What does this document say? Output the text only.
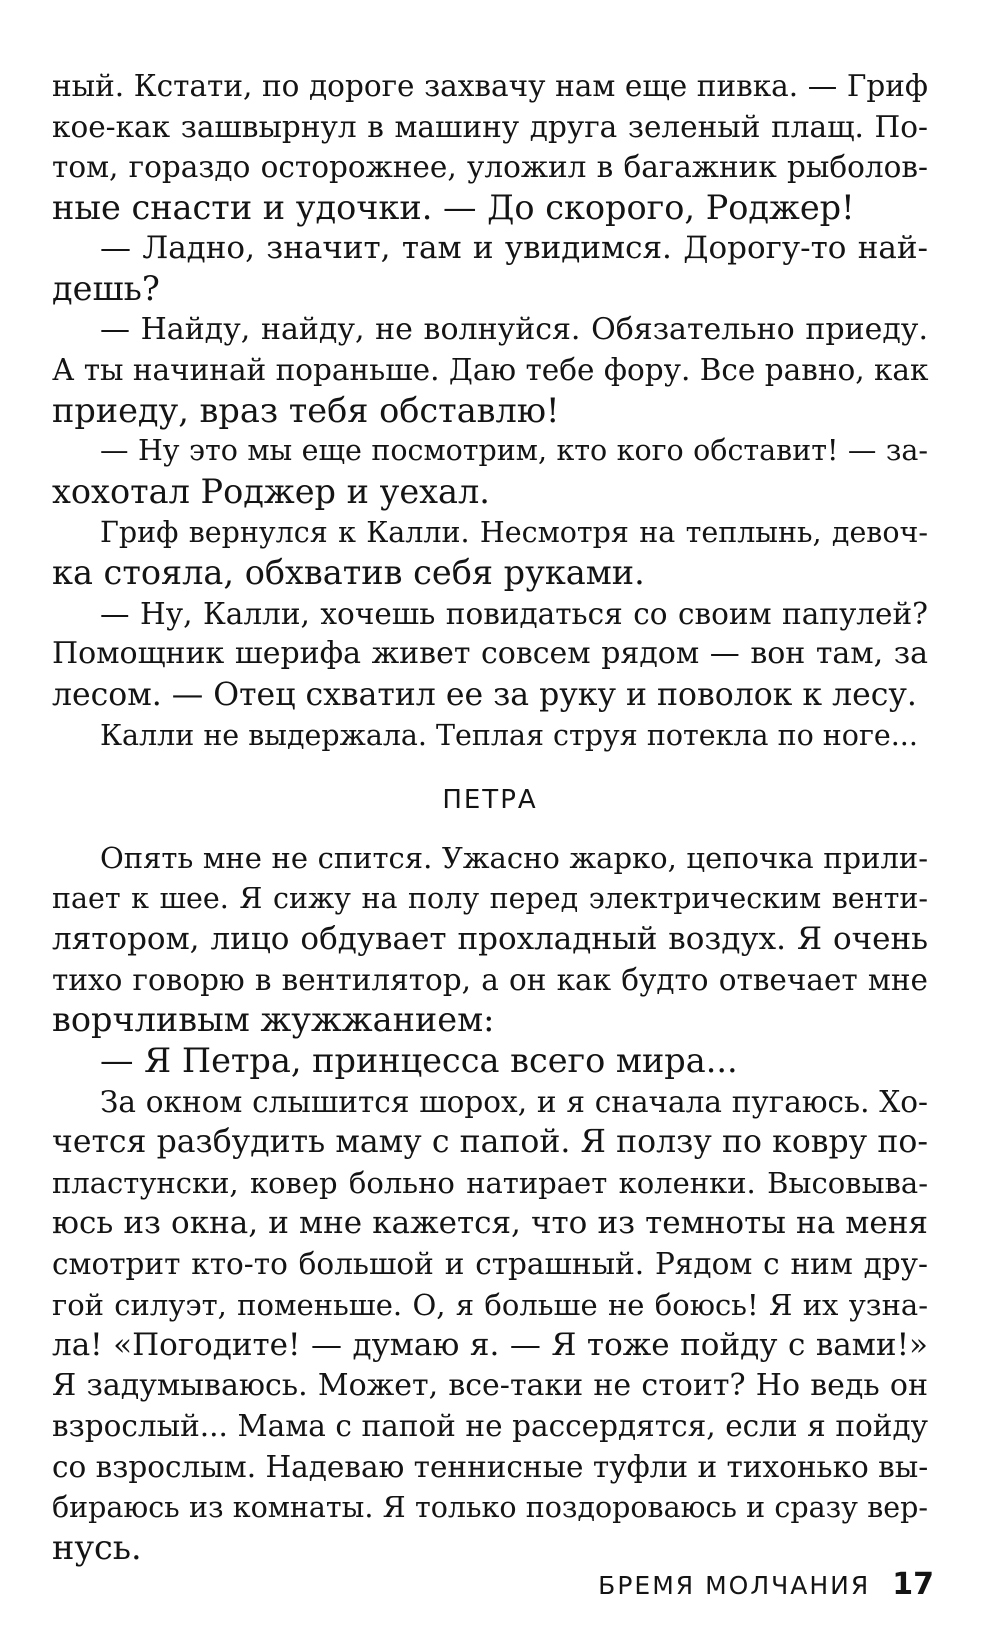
ный. Кстати, по дороге захвачу нам еще пивка. — Гриф
кое-как зашвырнул в машину друга зеленый плащ. По-
том, гораздо осторожнее, уложил в багажник рыболов-
ные снасти и удочки. — До скорого, Роджер!
— Ладно, значит, там и увидимся. Дорогу-то най-
дешь?
— Найду, найду, не волнуйся. Обязательно приеду.
А ты начинай пораньше. Даю тебе фору. Все равно, как
приеду, враз тебя обставлю!
— Ну это мы еще посмотрим, кто кого обставит! — за-
хохотал Роджер и уехал.
Гриф вернулся к Калли. Несмотря на теплынь, девоч-
ка стояла, обхватив себя руками.
— Ну, Калли, хочешь повидаться со своим папулей?
Помощник шерифа живет совсем рядом — вон там, за
лесом. — Отец схватил ее за руку и поволок к лесу.
Калли не выдержала. Теплая струя потекла по ноге...
ПЕТРА
Опять мне не спится. Ужасно жарко, цепочка прили-
пает к шее. Я сижу на полу перед электрическим венти-
лятором, лицо обдувает прохладный воздух. Я очень
тихо говорю в вентилятор, а он как будто отвечает мне
ворчливым жужжанием:
— Я Петра, принцесса всего мира...
За окном слышится шорох, и я сначала пугаюсь. Хо-
чется разбудить маму с папой. Я ползу по ковру по-
пластунски, ковер больно натирает коленки. Высовыва-
юсь из окна, и мне кажется, что из темноты на меня
смотрит кто-то большой и страшный. Рядом с ним дру-
гой силуэт, поменьше. О, я больше не боюсь! Я их узна-
ла! «Погодите! — думаю я. — Я тоже пойду с вами!»
Я задумываюсь. Может, все-таки не стоит? Но ведь он
взрослый... Мама с папой не рассердятся, если я пойду
со взрослым. Надеваю теннисные туфли и тихонько вы-
бираюсь из комнаты. Я только поздороваюсь и сразу вер-
нусь.
БРЕМЯ МОЛЧАНИЯ 17
